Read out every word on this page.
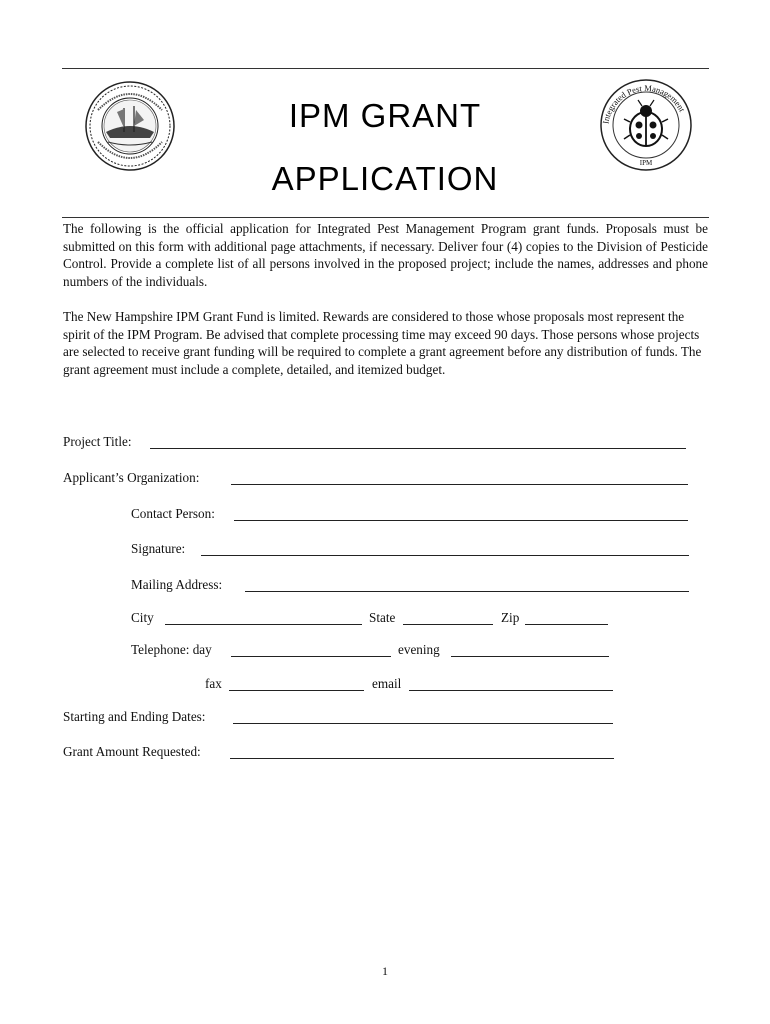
Integrated Pest Management
IPM
IPM GRANT
APPLICATION
The following is the official application for Integrated Pest Management Program grant funds. Proposals must be submitted on this form with additional page attachments, if necessary. Deliver four (4) copies to the Division of Pesticide Control. Provide a complete list of all persons involved in the proposed project; include the names, addresses and phone numbers of the individuals.
The New Hampshire IPM Grant Fund is limited. Rewards are considered to those whose proposals most represent the spirit of the IPM Program. Be advised that complete processing time may exceed 90 days. Those persons whose projects are selected to receive grant funding will be required to complete a grant agreement before any distribution of funds. The grant agreement must include a complete, detailed, and itemized budget.
Project Title:
Applicant’s Organization:
Contact Person:
Signature:
Mailing Address:
City	State	Zip
Telephone: day	evening
fax	email
Starting and Ending Dates:
Grant Amount Requested:
1
